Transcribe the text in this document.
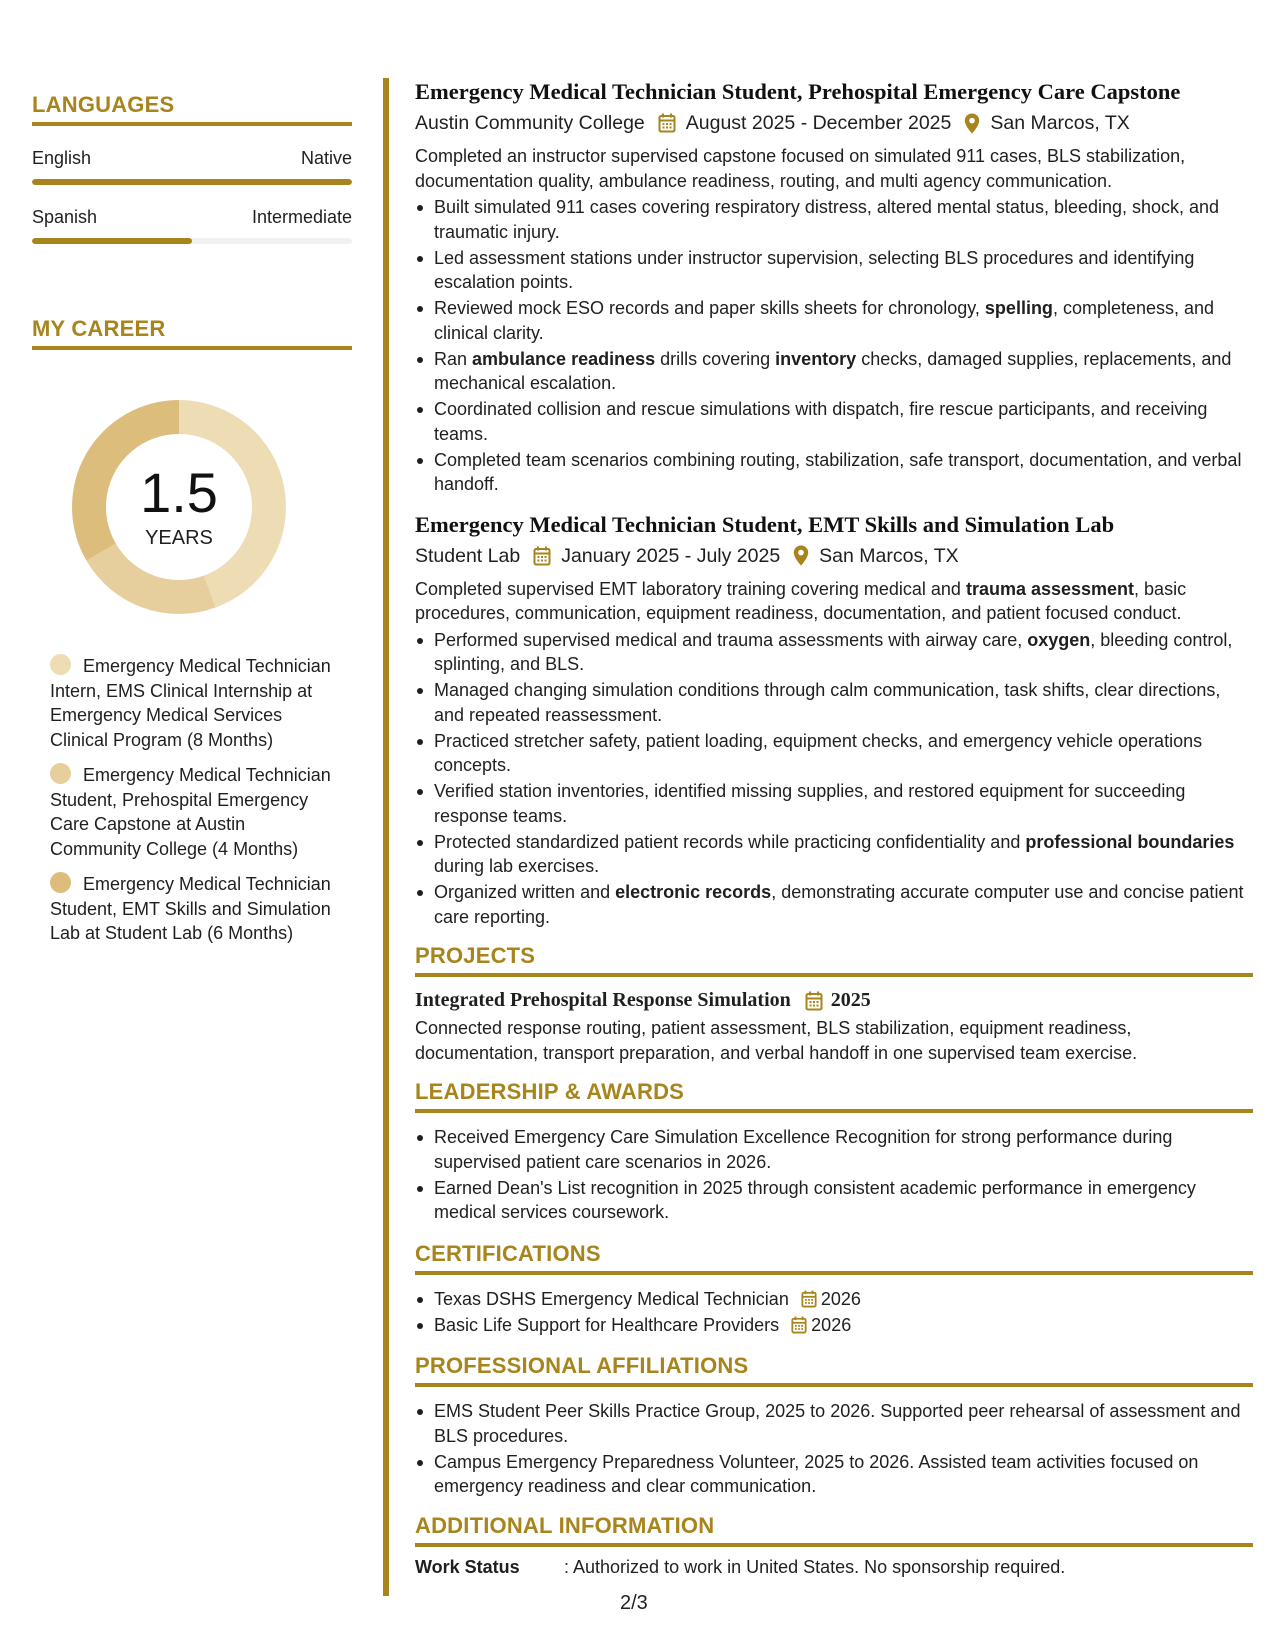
LANGUAGES
English	Native
Spanish	Intermediate
MY CAREER
1.5
YEARS
Emergency Medical Technician Intern, EMS Clinical Internship at Emergency Medical Services Clinical Program (8 Months)
Emergency Medical Technician Student, Prehospital Emergency Care Capstone at Austin Community College (4 Months)
Emergency Medical Technician Student, EMT Skills and Simulation Lab at Student Lab (6 Months)
Emergency Medical Technician Student, Prehospital Emergency Care Capstone
Austin Community College August 2025 - December 2025 San Marcos, TX
Completed an instructor supervised capstone focused on simulated 911 cases, BLS stabilization, documentation quality, ambulance readiness, routing, and multi agency communication.
Built simulated 911 cases covering respiratory distress, altered mental status, bleeding, shock, and traumatic injury.
Led assessment stations under instructor supervision, selecting BLS procedures and identifying escalation points.
Reviewed mock ESO records and paper skills sheets for chronology, spelling, completeness, and clinical clarity.
Ran ambulance readiness drills covering inventory checks, damaged supplies, replacements, and mechanical escalation.
Coordinated collision and rescue simulations with dispatch, fire rescue participants, and receiving teams.
Completed team scenarios combining routing, stabilization, safe transport, documentation, and verbal handoff.
Emergency Medical Technician Student, EMT Skills and Simulation Lab
Student Lab January 2025 - July 2025 San Marcos, TX
Completed supervised EMT laboratory training covering medical and trauma assessment, basic procedures, communication, equipment readiness, documentation, and patient focused conduct.
Performed supervised medical and trauma assessments with airway care, oxygen, bleeding control, splinting, and BLS.
Managed changing simulation conditions through calm communication, task shifts, clear directions, and repeated reassessment.
Practiced stretcher safety, patient loading, equipment checks, and emergency vehicle operations concepts.
Verified station inventories, identified missing supplies, and restored equipment for succeeding response teams.
Protected standardized patient records while practicing confidentiality and professional boundaries during lab exercises.
Organized written and electronic records, demonstrating accurate computer use and concise patient care reporting.
PROJECTS
Integrated Prehospital Response Simulation 2025
Connected response routing, patient assessment, BLS stabilization, equipment readiness, documentation, transport preparation, and verbal handoff in one supervised team exercise.
LEADERSHIP & AWARDS
Received Emergency Care Simulation Excellence Recognition for strong performance during supervised patient care scenarios in 2026.
Earned Dean's List recognition in 2025 through consistent academic performance in emergency medical services coursework.
CERTIFICATIONS
Texas DSHS Emergency Medical Technician 2026
Basic Life Support for Healthcare Providers 2026
PROFESSIONAL AFFILIATIONS
EMS Student Peer Skills Practice Group, 2025 to 2026. Supported peer rehearsal of assessment and BLS procedures.
Campus Emergency Preparedness Volunteer, 2025 to 2026. Assisted team activities focused on emergency readiness and clear communication.
ADDITIONAL INFORMATION
Work Status	: Authorized to work in United States. No sponsorship required.
2/3
